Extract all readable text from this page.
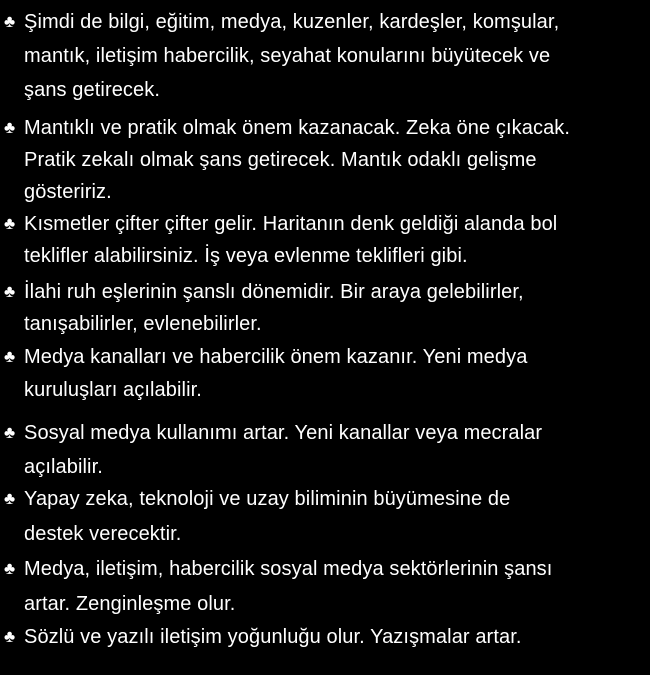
♣ Şimdi de bilgi, eğitim, medya, kuzenler, kardeşler, komşular,
mantık, iletişim habercilik, seyahat konularını büyütecek ve
şans getirecek.
♣ Mantıklı ve pratik olmak önem kazanacak. Zeka öne çıkacak.
Pratik zekalı olmak şans getirecek. Mantık odaklı gelişme
gösteririz.
♣ Kısmetler çifter çifter gelir. Haritanın denk geldiği alanda bol
teklifler alabilirsiniz. İş veya evlenme teklifleri gibi.
♣ İlahi ruh eşlerinin şanslı dönemidir. Bir araya gelebilirler,
tanışabilirler, evlenebilirler.
♣ Medya kanalları ve habercilik önem kazanır. Yeni medya
kuruluşları açılabilir.
♣ Sosyal medya kullanımı artar. Yeni kanallar veya mecralar
açılabilir.
♣ Yapay zeka, teknoloji ve uzay biliminin büyümesine de
destek verecektir.
♣ Medya, iletişim, habercilik sosyal medya sektörlerinin şansı
artar. Zenginleşme olur.
♣ Sözlü ve yazılı iletişim yoğunluğu olur. Yazışmalar artar.
